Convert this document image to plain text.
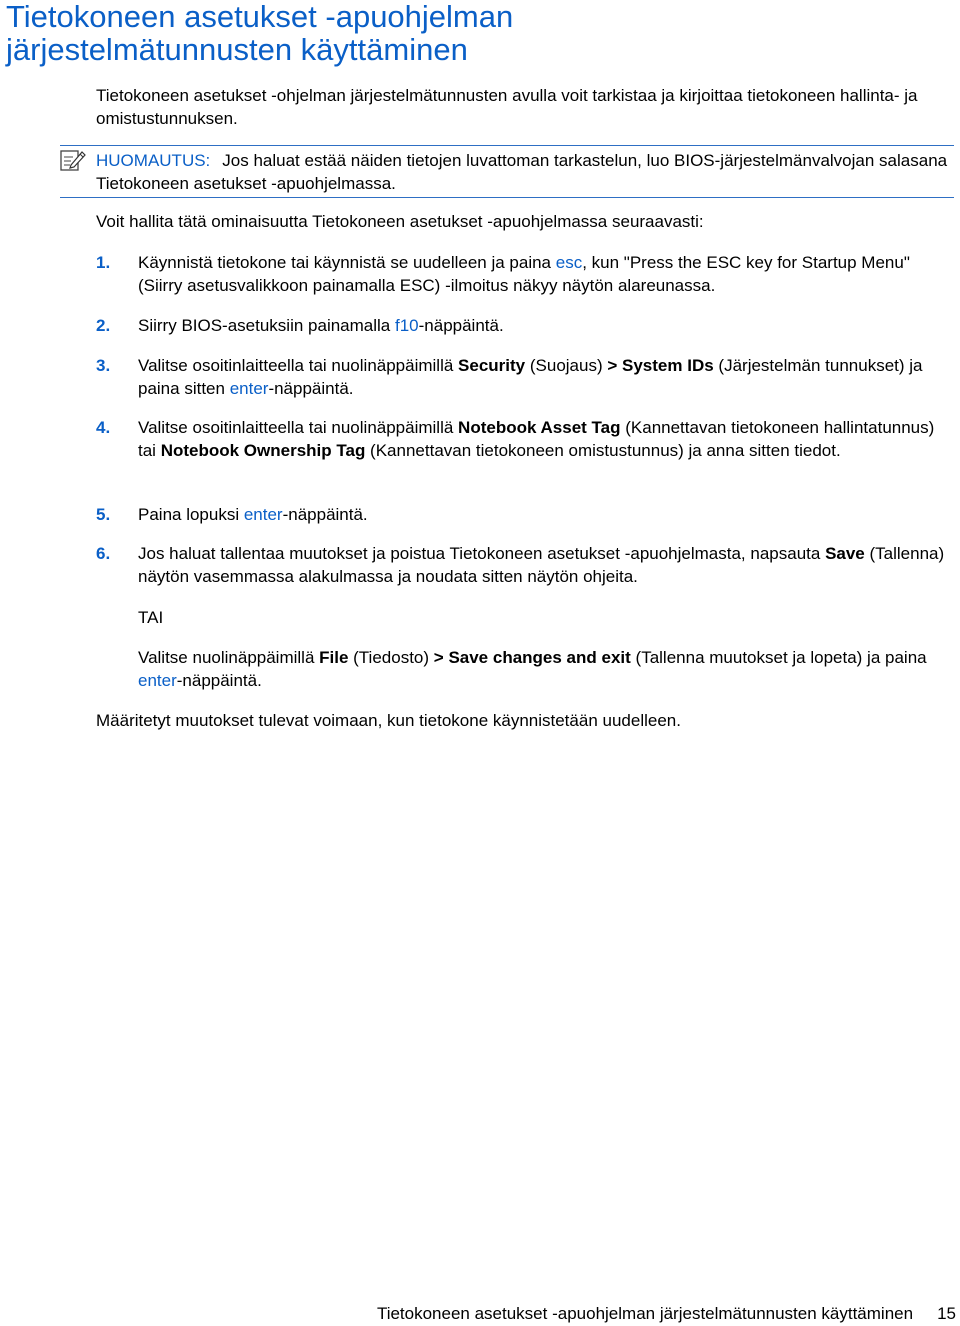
Tietokoneen asetukset -apuohjelman
järjestelmätunnusten käyttäminen

Tietokoneen asetukset -ohjelman järjestelmätunnusten avulla voit tarkistaa ja kirjoittaa tietokoneen hallinta- ja omistustunnuksen.

HUOMAUTUS: Jos haluat estää näiden tietojen luvattoman tarkastelun, luo BIOS-järjestelmänvalvojan salasana Tietokoneen asetukset -apuohjelmassa.

Voit hallita tätä ominaisuutta Tietokoneen asetukset -apuohjelmassa seuraavasti:

1. Käynnistä tietokone tai käynnistä se uudelleen ja paina esc, kun "Press the ESC key for Startup Menu" (Siirry asetusvalikkoon painamalla ESC) -ilmoitus näkyy näytön alareunassa.
2. Siirry BIOS-asetuksiin painamalla f10-näppäintä.
3. Valitse osoitinlaitteella tai nuolinäppäimillä Security (Suojaus) > System IDs (Järjestelmän tunnukset) ja paina sitten enter-näppäintä.
4. Valitse osoitinlaitteella tai nuolinäppäimillä Notebook Asset Tag (Kannettavan tietokoneen hallintatunnus) tai Notebook Ownership Tag (Kannettavan tietokoneen omistustunnus) ja anna sitten tiedot.
5. Paina lopuksi enter-näppäintä.
6. Jos haluat tallentaa muutokset ja poistua Tietokoneen asetukset -apuohjelmasta, napsauta Save (Tallenna) näytön vasemmassa alakulmassa ja noudata sitten näytön ohjeita.
TAI
Valitse nuolinäppäimillä File (Tiedosto) > Save changes and exit (Tallenna muutokset ja lopeta) ja paina enter-näppäintä.

Määritetyt muutokset tulevat voimaan, kun tietokone käynnistetään uudelleen.

Tietokoneen asetukset -apuohjelman järjestelmätunnusten käyttäminen 15
